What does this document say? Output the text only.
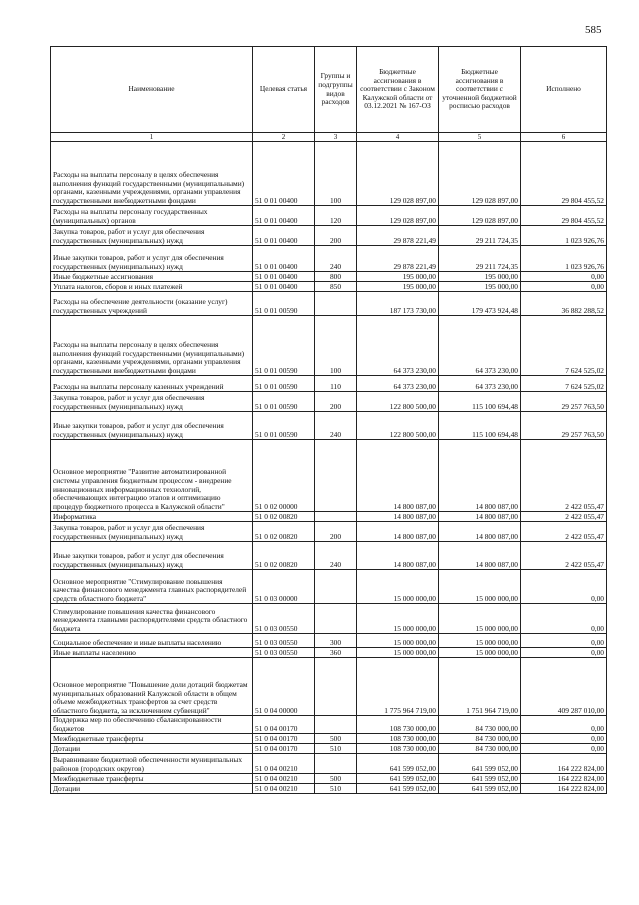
585
Наименование	Целевая статья	Группы и подгруппы видов расходов	Бюджетные ассигнования в соответствии с Законом Калужской области от 03.12.2021 № 167-ОЗ	Бюджетные ассигнования в соответствии с уточненной бюджетной росписью расходов	Исполнено
1	2	3	4	5	6
Расходы на выплаты персоналу в целях обеспечения выполнения функций государственными (муниципальными) органами, казенными учреждениями, органами управления государственными внебюджетными фондами	51 0 01 00400	100	129 028 897,00	129 028 897,00	29 804 455,52
Расходы на выплаты персоналу государственных (муниципальных) органов	51 0 01 00400	120	129 028 897,00	129 028 897,00	29 804 455,52
Закупка товаров, работ и услуг для обеспечения государственных (муниципальных) нужд	51 0 01 00400	200	29 878 221,49	29 211 724,35	1 023 926,76
Иные закупки товаров, работ и услуг для обеспечения государственных (муниципальных) нужд	51 0 01 00400	240	29 878 221,49	29 211 724,35	1 023 926,76
Иные бюджетные ассигнования	51 0 01 00400	800	195 000,00	195 000,00	0,00
Уплата налогов, сборов и иных платежей	51 0 01 00400	850	195 000,00	195 000,00	0,00
Расходы на обеспечение деятельности (оказание услуг) государственных учреждений	51 0 01 00590		187 173 730,00	179 473 924,48	36 882 288,52
Расходы на выплаты персоналу в целях обеспечения выполнения функций государственными (муниципальными) органами, казенными учреждениями, органами управления государственными внебюджетными фондами	51 0 01 00590	100	64 373 230,00	64 373 230,00	7 624 525,02
Расходы на выплаты персоналу казенных учреждений	51 0 01 00590	110	64 373 230,00	64 373 230,00	7 624 525,02
Закупка товаров, работ и услуг для обеспечения государственных (муниципальных) нужд	51 0 01 00590	200	122 800 500,00	115 100 694,48	29 257 763,50
Иные закупки товаров, работ и услуг для обеспечения государственных (муниципальных) нужд	51 0 01 00590	240	122 800 500,00	115 100 694,48	29 257 763,50
Основное мероприятие "Развитие автоматизированной системы управления бюджетным процессом - внедрение инновационных информационных технологий, обеспечивающих интеграцию этапов и оптимизацию процедур бюджетного процесса в Калужской области"	51 0 02 00000		14 800 087,00	14 800 087,00	2 422 055,47
Информатика	51 0 02 00820		14 800 087,00	14 800 087,00	2 422 055,47
Закупка товаров, работ и услуг для обеспечения государственных (муниципальных) нужд	51 0 02 00820	200	14 800 087,00	14 800 087,00	2 422 055,47
Иные закупки товаров, работ и услуг для обеспечения государственных (муниципальных) нужд	51 0 02 00820	240	14 800 087,00	14 800 087,00	2 422 055,47
Основное мероприятие "Стимулирование повышения качества финансового менеджмента главных распорядителей средств областного бюджета"	51 0 03 00000		15 000 000,00	15 000 000,00	0,00
Стимулирование повышения качества финансового менеджмента главными распорядителями средств областного бюджета	51 0 03 00550		15 000 000,00	15 000 000,00	0,00
Социальное обеспечение и иные выплаты населению	51 0 03 00550	300	15 000 000,00	15 000 000,00	0,00
Иные выплаты населению	51 0 03 00550	360	15 000 000,00	15 000 000,00	0,00
Основное мероприятие "Повышение доли дотаций бюджетам муниципальных образований Калужской области в общем объеме межбюджетных трансфертов за счет средств областного бюджета, за исключением субвенций"	51 0 04 00000		1 775 964 719,00	1 751 964 719,00	409 287 010,00
Поддержка мер по обеспечению сбалансированности бюджетов	51 0 04 00170		108 730 000,00	84 730 000,00	0,00
Межбюджетные трансферты	51 0 04 00170	500	108 730 000,00	84 730 000,00	0,00
Дотации	51 0 04 00170	510	108 730 000,00	84 730 000,00	0,00
Выравнивание бюджетной обеспеченности муниципальных районов (городских округов)	51 0 04 00210		641 599 052,00	641 599 052,00	164 222 824,00
Межбюджетные трансферты	51 0 04 00210	500	641 599 052,00	641 599 052,00	164 222 824,00
Дотации	51 0 04 00210	510	641 599 052,00	641 599 052,00	164 222 824,00
